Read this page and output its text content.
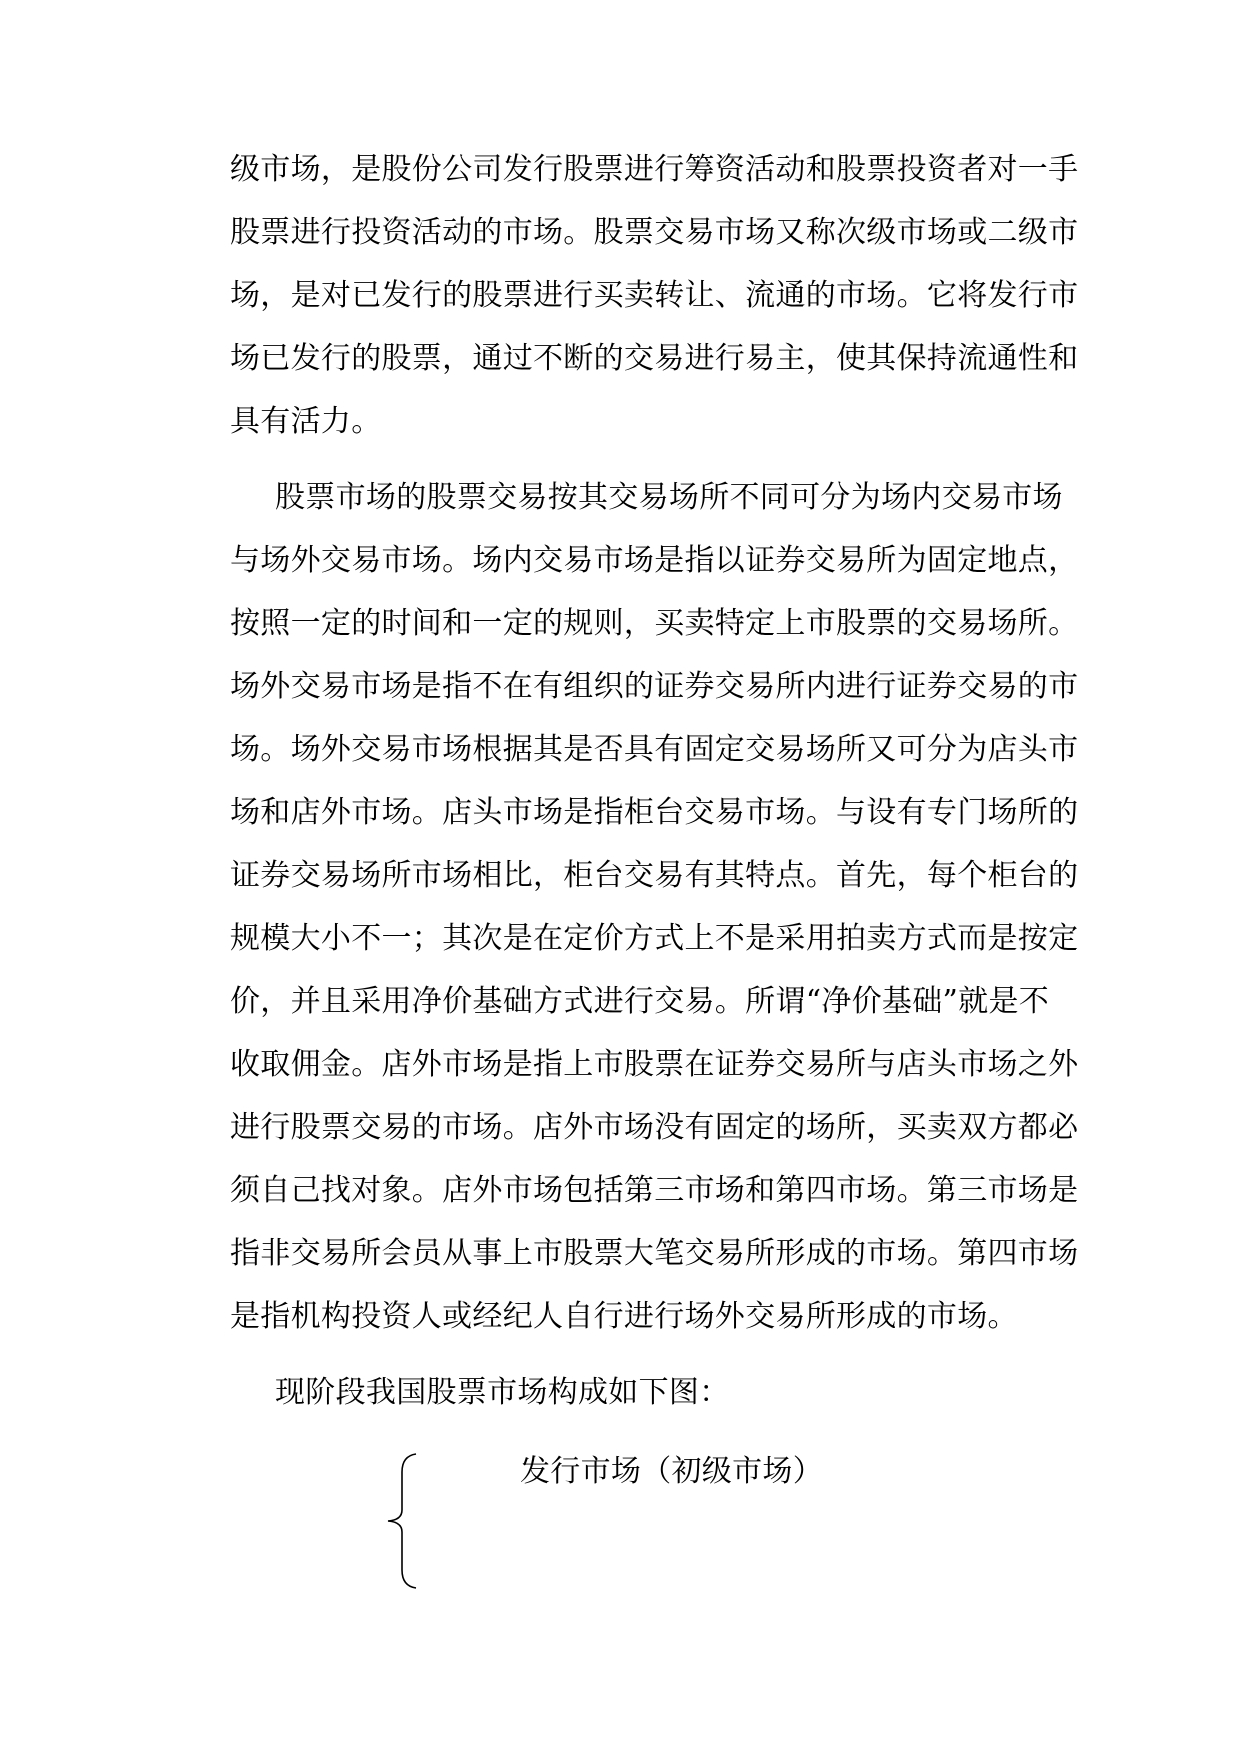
级市场，是股份公司发行股票进行筹资活动和股票投资者对一手
股票进行投资活动的市场。股票交易市场又称次级市场或二级市
场，是对已发行的股票进行买卖转让、流通的市场。它将发行市
场已发行的股票，通过不断的交易进行易主，使其保持流通性和
具有活力。
股票市场的股票交易按其交易场所不同可分为场内交易市场
与场外交易市场。场内交易市场是指以证券交易所为固定地点，
按照一定的时间和一定的规则，买卖特定上市股票的交易场所。
场外交易市场是指不在有组织的证券交易所内进行证券交易的市
场。场外交易市场根据其是否具有固定交易场所又可分为店头市
场和店外市场。店头市场是指柜台交易市场。与设有专门场所的
证券交易场所市场相比，柜台交易有其特点。首先，每个柜台的
规模大小不一；其次是在定价方式上不是采用拍卖方式而是按定
价，并且采用净价基础方式进行交易。所谓“净价基础”就是不
收取佣金。店外市场是指上市股票在证券交易所与店头市场之外
进行股票交易的市场。店外市场没有固定的场所，买卖双方都必
须自己找对象。店外市场包括第三市场和第四市场。第三市场是
指非交易所会员从事上市股票大笔交易所形成的市场。第四市场
是指机构投资人或经纪人自行进行场外交易所形成的市场。
现阶段我国股票市场构成如下图：
发行市场（初级市场）
